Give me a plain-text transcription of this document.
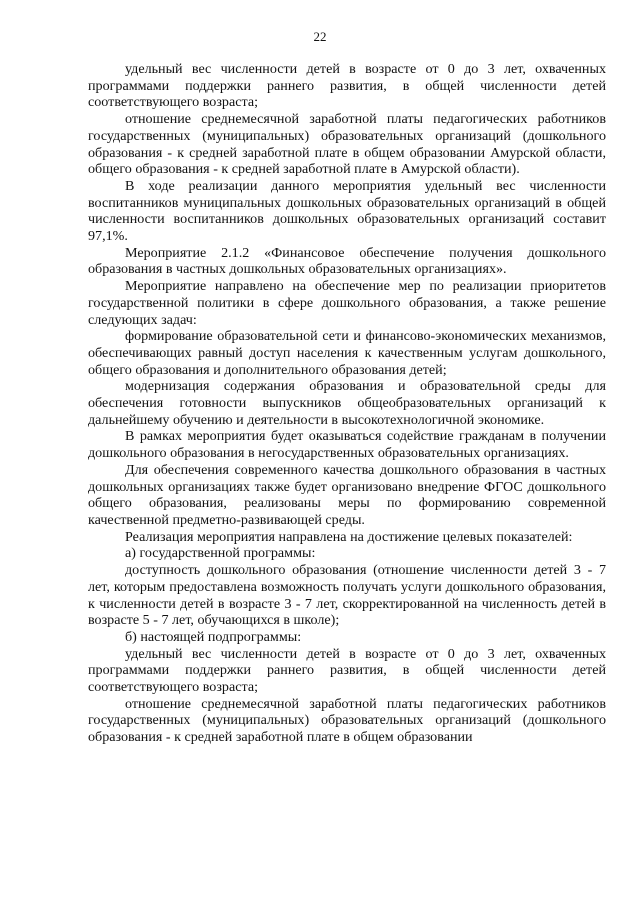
22

удельный вес численности детей в возрасте от 0 до 3 лет, охваченных программами поддержки раннего развития, в общей численности детей соответствующего возраста;

отношение среднемесячной заработной платы педагогических работников государственных (муниципальных) образовательных организаций (дошкольного образования - к средней заработной плате в общем образовании Амурской области, общего образования - к средней заработной плате в Амурской области).

В ходе реализации данного мероприятия удельный вес численности воспитанников муниципальных дошкольных образовательных организаций в общей численности воспитанников дошкольных образовательных организаций составит 97,1%.

Мероприятие 2.1.2 «Финансовое обеспечение получения дошкольного образования в частных дошкольных образовательных организациях».

Мероприятие направлено на обеспечение мер по реализации приоритетов государственной политики в сфере дошкольного образования, а также решение следующих задач:

формирование образовательной сети и финансово-экономических механизмов, обеспечивающих равный доступ населения к качественным услугам дошкольного, общего образования и дополнительного образования детей;

модернизация содержания образования и образовательной среды для обеспечения готовности выпускников общеобразовательных организаций к дальнейшему обучению и деятельности в высокотехнологичной экономике.

В рамках мероприятия будет оказываться содействие гражданам в получении дошкольного образования в негосударственных образовательных организациях.

Для обеспечения современного качества дошкольного образования в частных дошкольных организациях также будет организовано внедрение ФГОС дошкольного общего образования, реализованы меры по формированию современной качественной предметно-развивающей среды.

Реализация мероприятия направлена на достижение целевых показателей:

а) государственной программы:

доступность дошкольного образования (отношение численности детей 3 - 7 лет, которым предоставлена возможность получать услуги дошкольного образования, к численности детей в возрасте 3 - 7 лет, скорректированной на численность детей в возрасте 5 - 7 лет, обучающихся в школе);

б) настоящей подпрограммы:

удельный вес численности детей в возрасте от 0 до 3 лет, охваченных программами поддержки раннего развития, в общей численности детей соответствующего возраста;

отношение среднемесячной заработной платы педагогических работников государственных (муниципальных) образовательных организаций (дошкольного образования - к средней заработной плате в общем образовании
